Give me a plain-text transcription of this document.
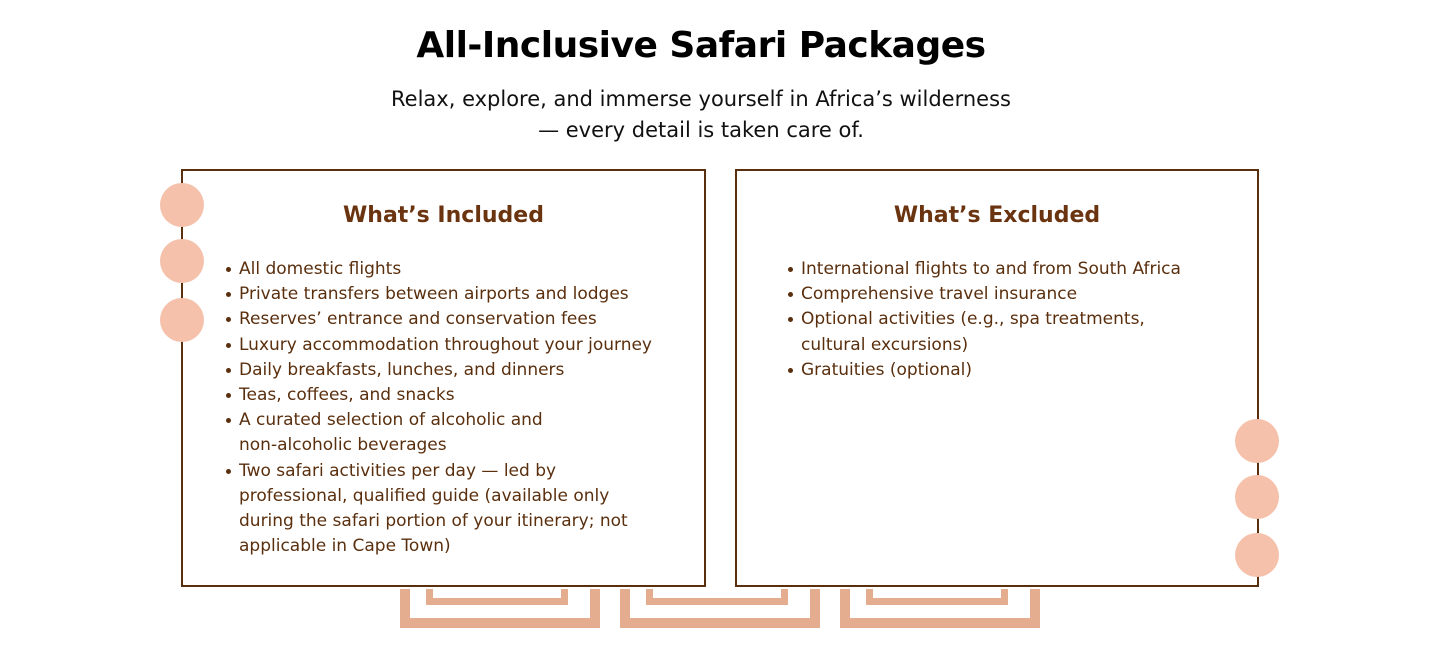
All-Inclusive Safari Packages
Relax, explore, and immerse yourself in Africa’s wilderness
— every detail is taken care of.
What’s Included
All domestic flights
Private transfers between airports and lodges
Reserves’ entrance and conservation fees
Luxury accommodation throughout your journey
Daily breakfasts, lunches, and dinners
Teas, coffees, and snacks
A curated selection of alcoholic and non-alcoholic beverages
Two safari activities per day — led by professional, qualified guide (available only during the safari portion of your itinerary; not applicable in Cape Town)
What’s Excluded
International flights to and from South Africa
Comprehensive travel insurance
Optional activities (e.g., spa treatments, cultural excursions)
Gratuities (optional)
